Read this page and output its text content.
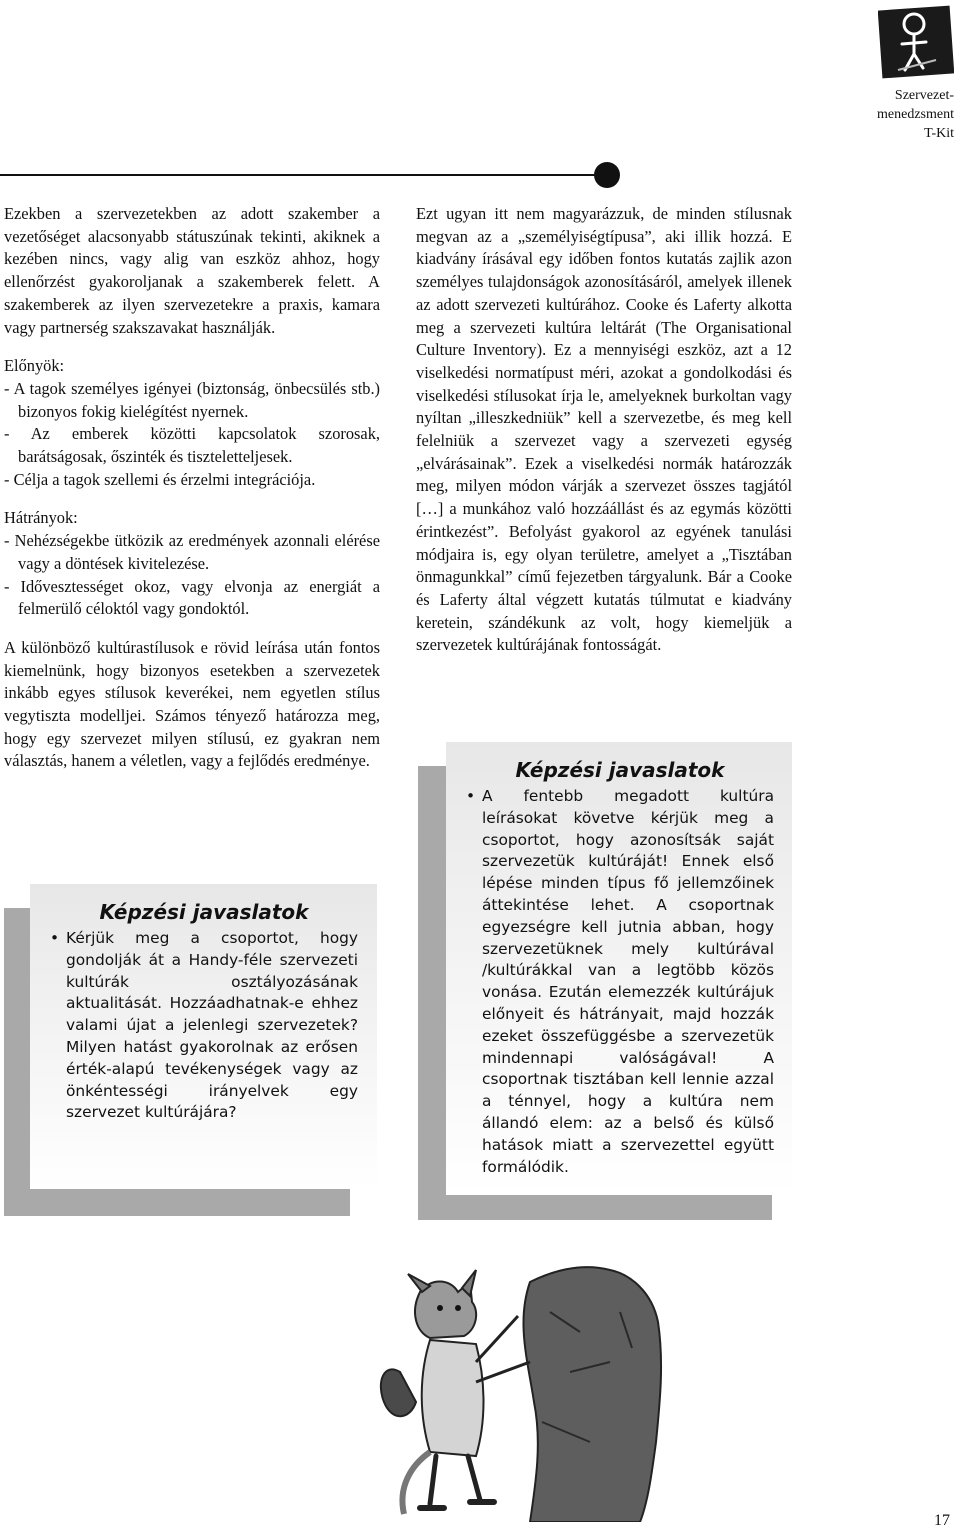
Szervezet-
menedzsment
T-Kit

Ezekben a szervezetekben az adott szakember a vezetőséget alacsonyabb státuszúnak tekinti, akiknek a kezében nincs, vagy alig van eszköz ahhoz, hogy ellenőrzést gyakoroljanak a szakemberek felett. A szakemberek az ilyen szervezetekre a praxis, kamara vagy partnerség szakszavakat használják.

Előnyök:

- A tagok személyes igényei (biztonság, önbecsülés stb.) bizonyos fokig kielégítést nyernek.
- Az emberek közötti kapcsolatok szorosak, barátságosak, őszinték és tiszteletteljesek.
- Célja a tagok szellemi és érzelmi integrációja.

Hátrányok:

- Nehézségekbe ütközik az eredmények azonnali elérése vagy a döntések kivitelezése.
- Idővesztességet okoz, vagy elvonja az energiát a felmerülő céloktól vagy gondoktól.

A különböző kultúrastílusok e rövid leírása után fontos kiemelnünk, hogy bizonyos esetekben a szervezetek inkább egyes stílusok keverékei, nem egyetlen stílus vegytiszta modelljei. Számos tényező határozza meg, hogy egy szervezet milyen stílusú, ez gyakran nem választás, hanem a véletlen, vagy a fejlődés eredménye.

Ezt ugyan itt nem magyarázzuk, de minden stílusnak megvan az a „személyiségtípusa”, aki illik hozzá. E kiadvány írásával egy időben fontos kutatás zajlik azon személyes tulajdonságok azonosításáról, amelyek illenek az adott szervezeti kultúrához. Cooke és Laferty alkotta meg a szervezeti kultúra leltárát (The Organisational Culture Inventory). Ez a mennyiségi eszköz, azt a 12 viselkedési normatípust méri, azokat a gondolkodási és viselkedési stílusokat írja le, amelyeknek burkoltan vagy nyíltan „illeszkedniük” kell a szervezetbe, és meg kell felelniük a szervezet vagy a szervezeti egység „elvárásainak”. Ezek a viselkedési normák határozzák meg, milyen módon várják a szervezet összes tagjától […] a munkához való hozzáállást és az egymás közötti érintkezést”. Befolyást gyakorol az egyének tanulási módjaira is, egy olyan területre, amelyet a „Tisztában önmagunkkal” című fejezetben tárgyalunk. Bár a Cooke és Laferty által végzett kutatás túlmutat e kiadvány keretein, szándékunk az volt, hogy kiemeljük a szervezetek kultúrájának fontosságát.

Képzési javaslatok

• Kérjük meg a csoportot, hogy gondolják át a Handy-féle szervezeti kultúrák osztályozásának aktualitását. Hozzáadhatnak-e ehhez valami újat a jelenlegi szervezetek? Milyen hatást gyakorolnak az erősen érték-alapú tevékenységek vagy az önkéntességi irányelvek egy szervezet kultúrájára?

Képzési javaslatok

• A fentebb megadott kultúra leírásokat követve kérjük meg a csoportot, hogy azonosítsák saját szervezetük kultúráját! Ennek első lépése minden típus fő jellemzőinek áttekintése lehet. A csoportnak egyezségre kell jutnia abban, hogy szervezetüknek mely kultúrával /kultúrákkal van a legtöbb közös vonása. Ezután elemezzék kultúrájuk előnyeit és hátrányait, majd hozzák ezeket összefüggésbe a szervezetük mindennapi valóságával! A csoportnak tisztában kell lennie azzal a ténnyel, hogy a kultúra nem állandó elem: az a belső és külső hatások miatt a szervezettel együtt formálódik.

17
